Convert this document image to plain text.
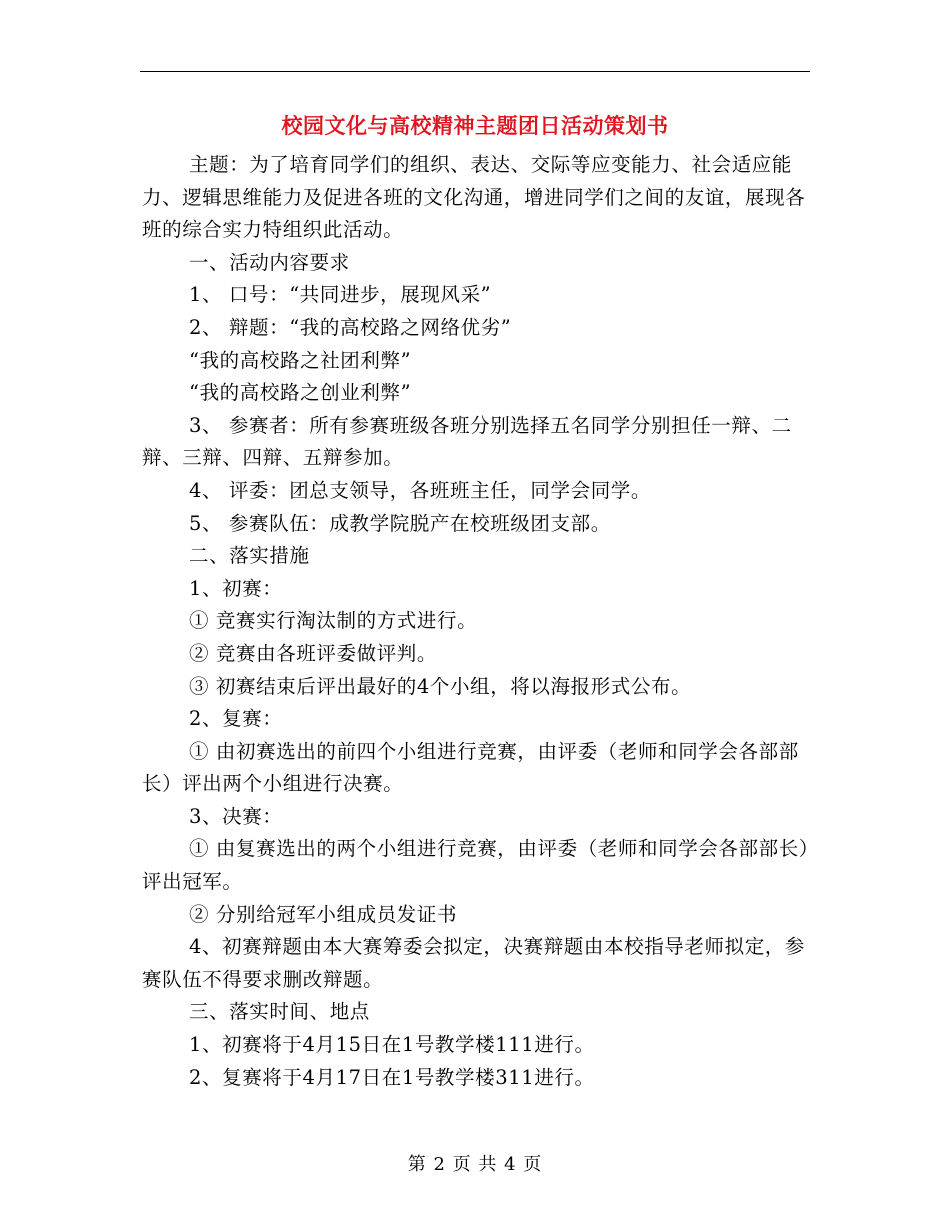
校园文化与高校精神主题团日活动策划书

主题：为了培育同学们的组织、表达、交际等应变能力、社会适应能力、逻辑思维能力及促进各班的文化沟通，增进同学们之间的友谊，展现各班的综合实力特组织此活动。

一、活动内容要求

1、 口号：“共同进步，展现风采”

2、 辩题：“我的高校路之网络优劣”

“我的高校路之社团利弊”

“我的高校路之创业利弊”

3、 参赛者：所有参赛班级各班分别选择五名同学分别担任一辩、二辩、三辩、四辩、五辩参加。

4、 评委：团总支领导，各班班主任，同学会同学。

5、 参赛队伍：成教学院脱产在校班级团支部。

二、落实措施

1、初赛：

① 竞赛实行淘汰制的方式进行。

② 竞赛由各班评委做评判。

③ 初赛结束后评出最好的4个小组，将以海报形式公布。

2、复赛：

① 由初赛选出的前四个小组进行竞赛，由评委（老师和同学会各部部长）评出两个小组进行决赛。

3、决赛：

① 由复赛选出的两个小组进行竞赛，由评委（老师和同学会各部部长）评出冠军。

② 分别给冠军小组成员发证书

4、初赛辩题由本大赛筹委会拟定，决赛辩题由本校指导老师拟定，参赛队伍不得要求删改辩题。

三、落实时间、地点

1、初赛将于4月15日在1号教学楼111进行。

2、复赛将于4月17日在1号教学楼311进行。

第 2 页 共 4 页
